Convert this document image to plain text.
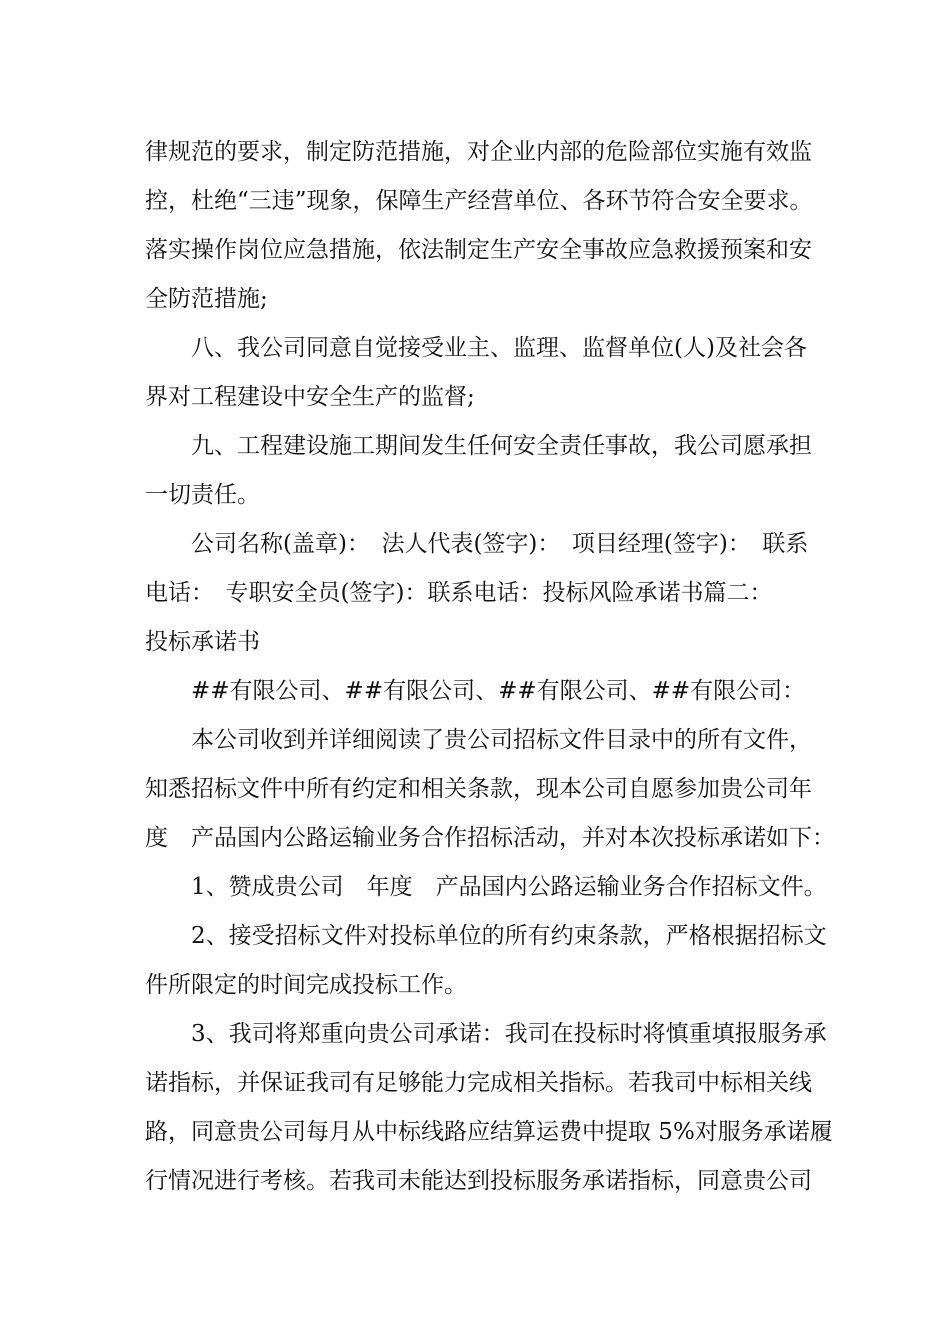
律规范的要求，制定防范措施，对企业内部的危险部位实施有效监

控，杜绝“三违”现象，保障生产经营单位、各环节符合安全要求。

落实操作岗位应急措施，依法制定生产安全事故应急救援预案和安

全防范措施;

　　八、我公司同意自觉接受业主、监理、监督单位(人)及社会各

界对工程建设中安全生产的监督;

　　九、工程建设施工期间发生任何安全责任事故，我公司愿承担

一切责任。

　　公司名称(盖章)：　法人代表(签字)：　项目经理(签字)：　联系

电话：　专职安全员(签字)：联系电话：投标风险承诺书篇二：

投标承诺书

　　##有限公司、##有限公司、##有限公司、##有限公司：

　　本公司收到并详细阅读了贵公司招标文件目录中的所有文件，

知悉招标文件中所有约定和相关条款，现本公司自愿参加贵公司年

度　产品国内公路运输业务合作招标活动，并对本次投标承诺如下：

　　1、赞成贵公司　年度　产品国内公路运输业务合作招标文件。

　　2、接受招标文件对投标单位的所有约束条款，严格根据招标文

件所限定的时间完成投标工作。

　　3、我司将郑重向贵公司承诺：我司在投标时将慎重填报服务承

诺指标，并保证我司有足够能力完成相关指标。若我司中标相关线

路，同意贵公司每月从中标线路应结算运费中提取 5%对服务承诺履

行情况进行考核。若我司未能达到投标服务承诺指标，同意贵公司
